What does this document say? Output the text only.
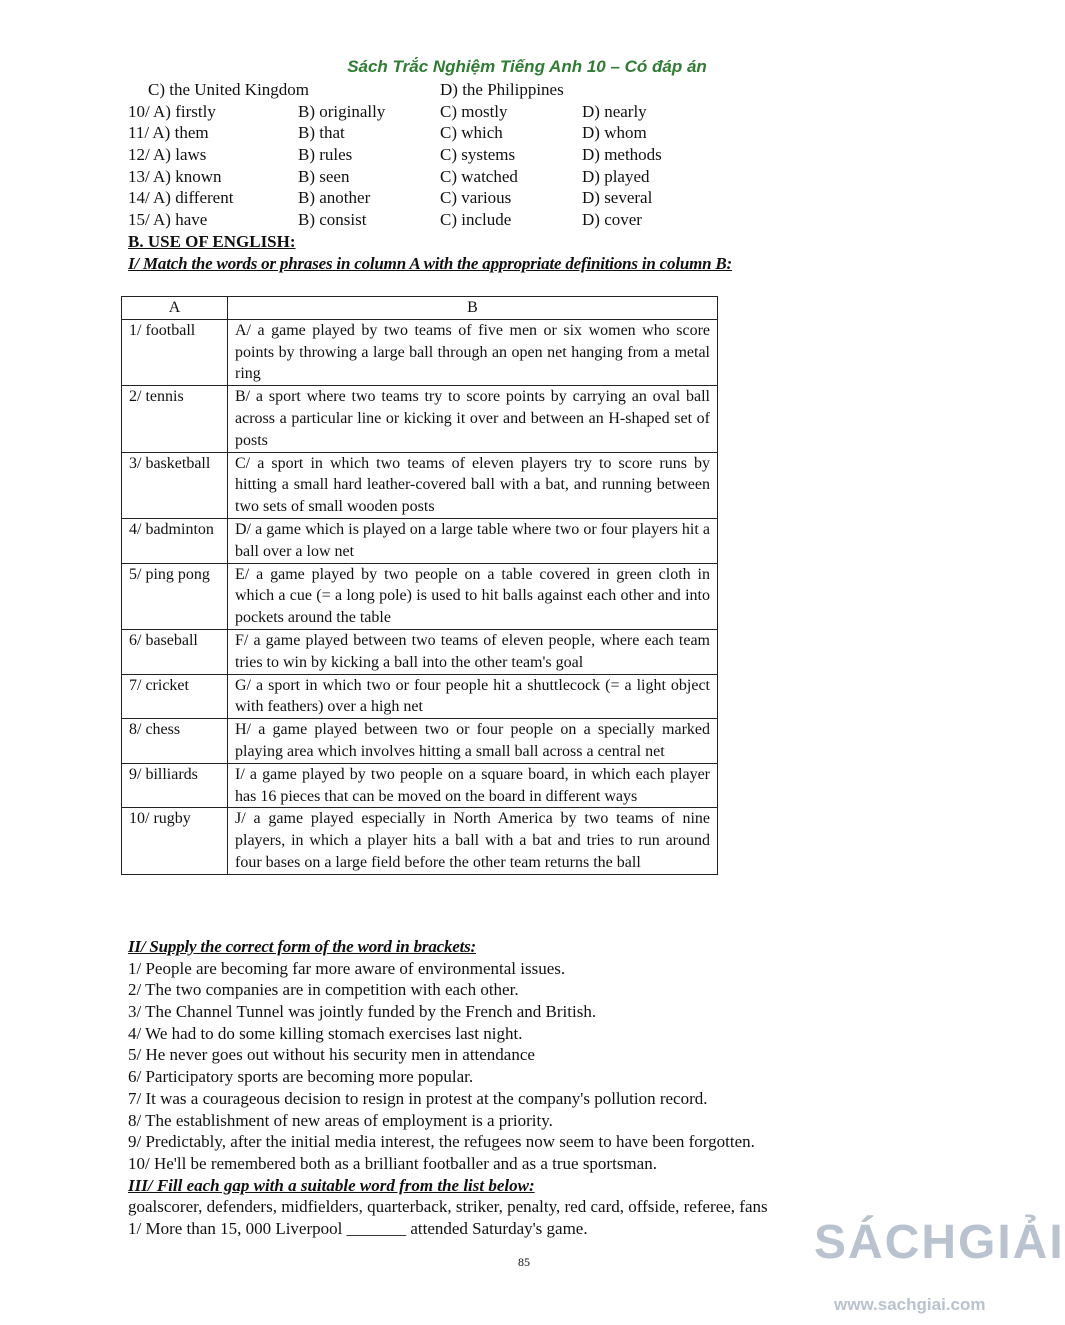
Sách Trắc Nghiệm Tiếng Anh 10 – Có đáp án
C) the United Kingdom	D) the Philippines
10/ A) firstly	B) originally	C) mostly	D) nearly
11/ A) them	B) that	C) which	D) whom
12/ A) laws	B) rules	C) systems	D) methods
13/ A) known	B) seen	C) watched	D) played
14/ A) different	B) another	C) various	D) several
15/ A) have	B) consist	C) include	D) cover
B. USE OF ENGLISH:
I/ Match the words or phrases in column A with the appropriate definitions in column B:
A	B
1/ football	A/ a game played by two teams of five men or six women who score points by throwing a large ball through an open net hanging from a metal ring
2/ tennis	B/ a sport where two teams try to score points by carrying an oval ball across a particular line or kicking it over and between an H-shaped set of posts
3/ basketball	C/ a sport in which two teams of eleven players try to score runs by hitting a small hard leather-covered ball with a bat, and running between two sets of small wooden posts
4/ badminton	D/ a game which is played on a large table where two or four players hit a ball over a low net
5/ ping pong	E/ a game played by two people on a table covered in green cloth in which a cue (= a long pole) is used to hit balls against each other and into pockets around the table
6/ baseball	F/ a game played between two teams of eleven people, where each team tries to win by kicking a ball into the other team's goal
7/ cricket	G/ a sport in which two or four people hit a shuttlecock (= a light object with feathers) over a high net
8/ chess	H/ a game played between two or four people on a specially marked playing area which involves hitting a small ball across a central net
9/ billiards	I/ a game played by two people on a square board, in which each player has 16 pieces that can be moved on the board in different ways
10/ rugby	J/ a game played especially in North America by two teams of nine players, in which a player hits a ball with a bat and tries to run around four bases on a large field before the other team returns the ball
II/ Supply the correct form of the word in brackets:
1/ People are becoming far more aware of environmental issues.
2/ The two companies are in competition with each other.
3/ The Channel Tunnel was jointly funded by the French and British.
4/ We had to do some killing stomach exercises last night.
5/ He never goes out without his security men in attendance
6/ Participatory sports are becoming more popular.
7/ It was a courageous decision to resign in protest at the company's pollution record.
8/ The establishment of new areas of employment is a priority.
9/ Predictably, after the initial media interest, the refugees now seem to have been forgotten.
10/ He'll be remembered both as a brilliant footballer and as a true sportsman.
III/ Fill each gap with a suitable word from the list below:
goalscorer, defenders, midfielders, quarterback, striker, penalty, red card, offside, referee, fans
1/ More than 15, 000 Liverpool _______ attended Saturday's game.
85	SÁCHGIẢI
www.sachgiai.com
